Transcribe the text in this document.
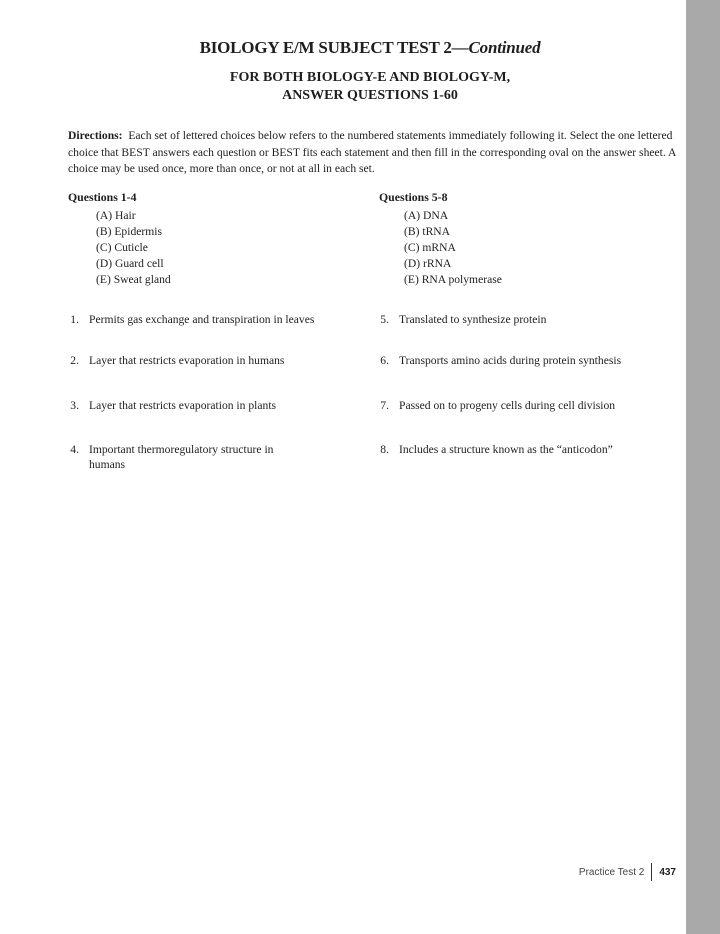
BIOLOGY E/M SUBJECT TEST 2—Continued
FOR BOTH BIOLOGY-E AND BIOLOGY-M,
ANSWER QUESTIONS 1-60
Directions: Each set of lettered choices below refers to the numbered statements immediately following it. Select the one lettered choice that BEST answers each question or BEST fits each statement and then fill in the corresponding oval on the answer sheet. A choice may be used once, more than once, or not at all in each set.
Questions 1-4
(A) Hair
(B) Epidermis
(C) Cuticle
(D) Guard cell
(E) Sweat gland
Questions 5-8
(A) DNA
(B) tRNA
(C) mRNA
(D) rRNA
(E) RNA polymerase
1. Permits gas exchange and transpiration in leaves
2. Layer that restricts evaporation in humans
3. Layer that restricts evaporation in plants
4. Important thermoregulatory structure in humans
5. Translated to synthesize protein
6. Transports amino acids during protein synthesis
7. Passed on to progeny cells during cell division
8. Includes a structure known as the “anticodon”
Practice Test 2 437
